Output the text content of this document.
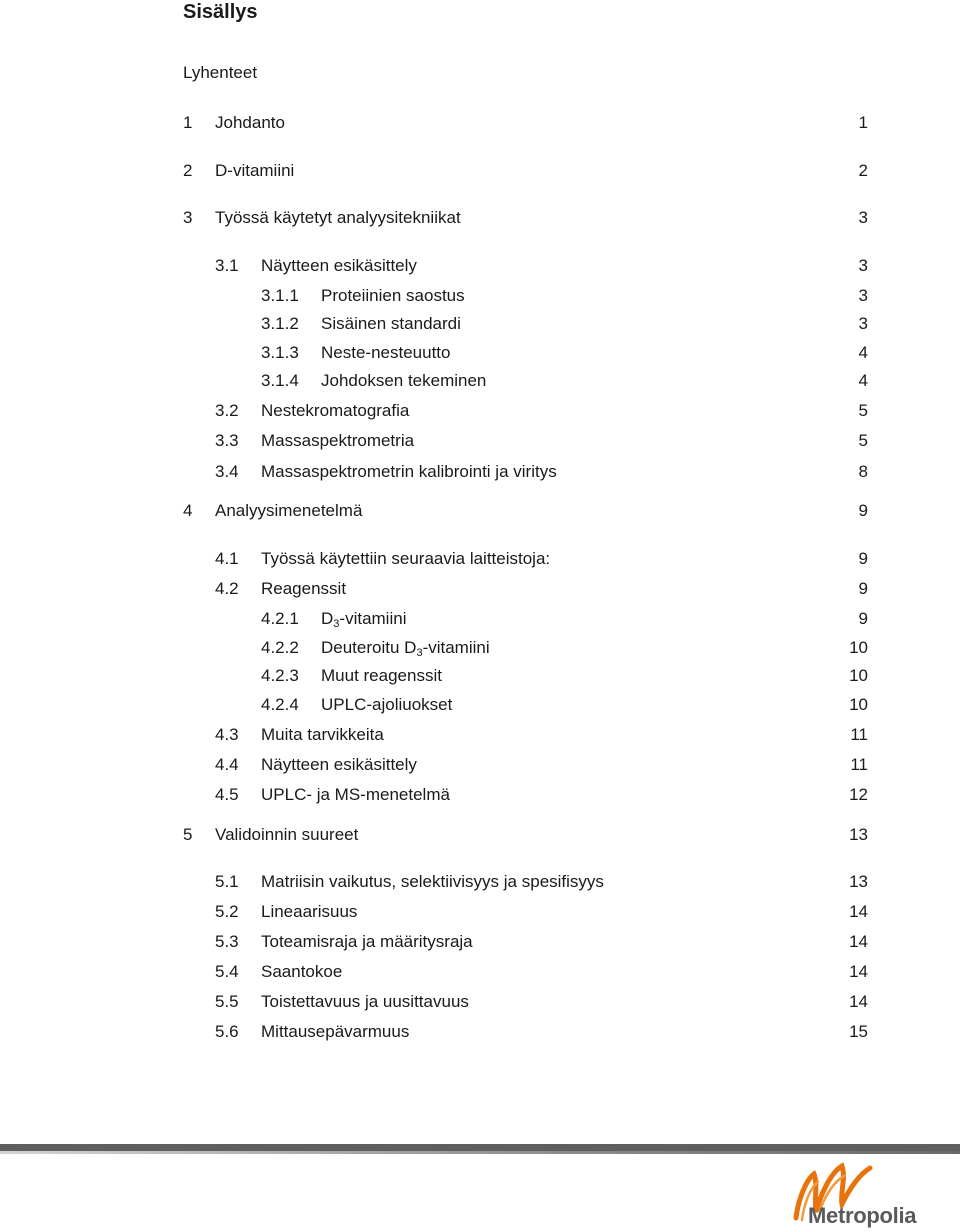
Sisällys
Lyhenteet
1 Johdanto	1
2 D-vitamiini	2
3 Työssä käytetyt analyysitekniikat	3
3.1 Näytteen esikäsittely	3
3.1.1 Proteiinien saostus	3
3.1.2 Sisäinen standardi	3
3.1.3 Neste-nesteuutto	4
3.1.4 Johdoksen tekeminen	4
3.2 Nestekromatografia	5
3.3 Massaspektrometria	5
3.4 Massaspektrometrin kalibrointi ja viritys	8
4 Analyysimenetelmä	9
4.1 Työssä käytettiin seuraavia laitteistoja:	9
4.2 Reagenssit	9
4.2.1 $D_3$-vitamiini	9
4.2.2 Deuteroitu $D_3$-vitamiini	10
4.2.3 Muut reagenssit	10
4.2.4 UPLC-ajoliuokset	10
4.3 Muita tarvikkeita	11
4.4 Näytteen esikäsittely	11
4.5 UPLC- ja MS-menetelmä	12
5 Validoinnin suureet	13
5.1 Matriisin vaikutus, selektiivisyys ja spesifisyys	13
5.2 Lineaarisuus	14
5.3 Toteamisraja ja määritysraja	14
5.4 Saantokoe	14
5.5 Toistettavuus ja uusittavuus	14
5.6 Mittausepävarmuus	15
Metropolia
